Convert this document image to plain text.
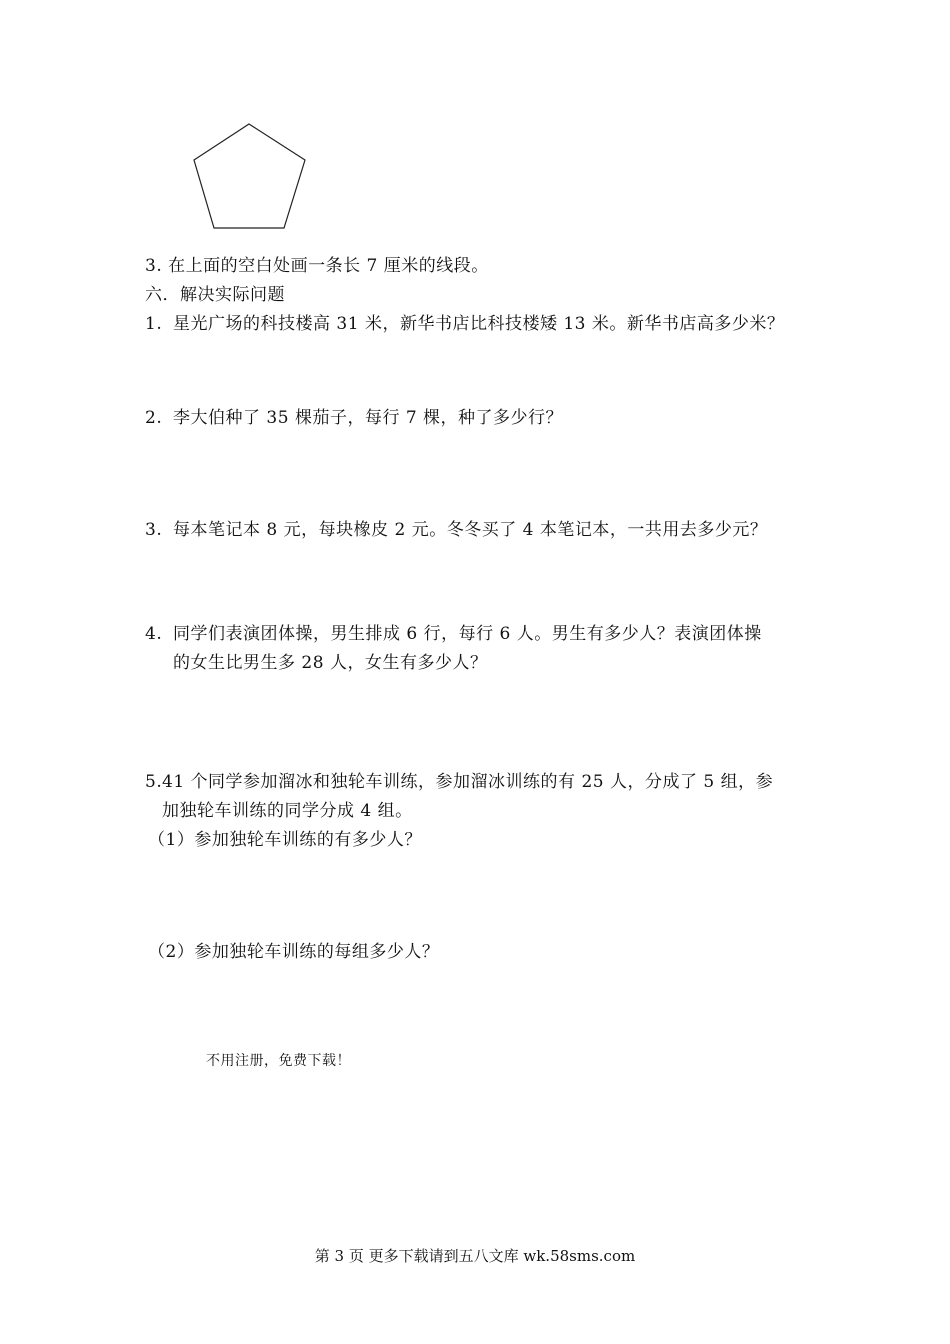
3. 在上面的空白处画一条长 7 厘米的线段。
六．解决实际问题
1. 星光广场的科技楼高 31 米，新华书店比科技楼矮 13 米。新华书店高多少米？
2. 李大伯种了 35 棵茄子，每行 7 棵，种了多少行？
3. 每本笔记本 8 元，每块橡皮 2 元。冬冬买了 4 本笔记本，一共用去多少元？
4. 同学们表演团体操，男生排成 6 行，每行 6 人。男生有多少人？表演团体操
的女生比男生多 28 人，女生有多少人？
5. 41 个同学参加溜冰和独轮车训练，参加溜冰训练的有 25 人，分成了 5 组，参
加独轮车训练的同学分成 4 组。
（1）参加独轮车训练的有多少人？
（2）参加独轮车训练的每组多少人？
不用注册，免费下载！
第 3 页 更多下载请到五八文库 wk.58sms.com
